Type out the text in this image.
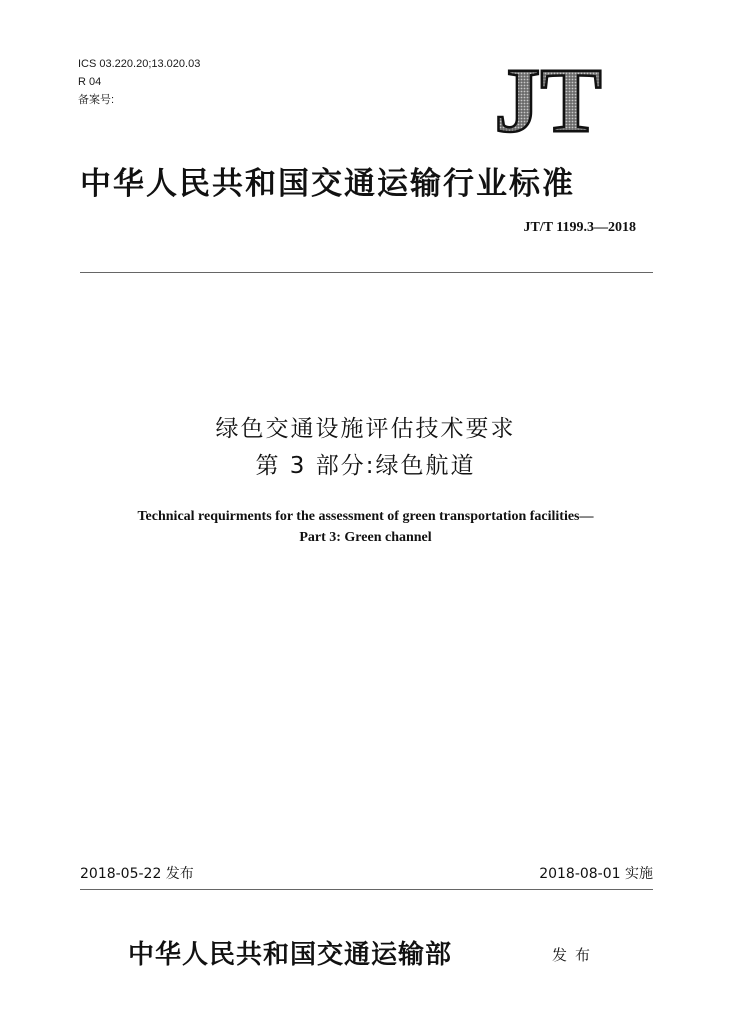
ICS 03.220.20;13.020.03
R 04
备案号:	JT
中华人民共和国交通运输行业标准
JT/T 1199.3—2018
绿色交通设施评估技术要求
第 3 部分:绿色航道
Technical requirments for the assessment of green transportation facilities—
Part 3: Green channel
2018-05-22 发布	2018-08-01 实施
中华人民共和国交通运输部	发布
